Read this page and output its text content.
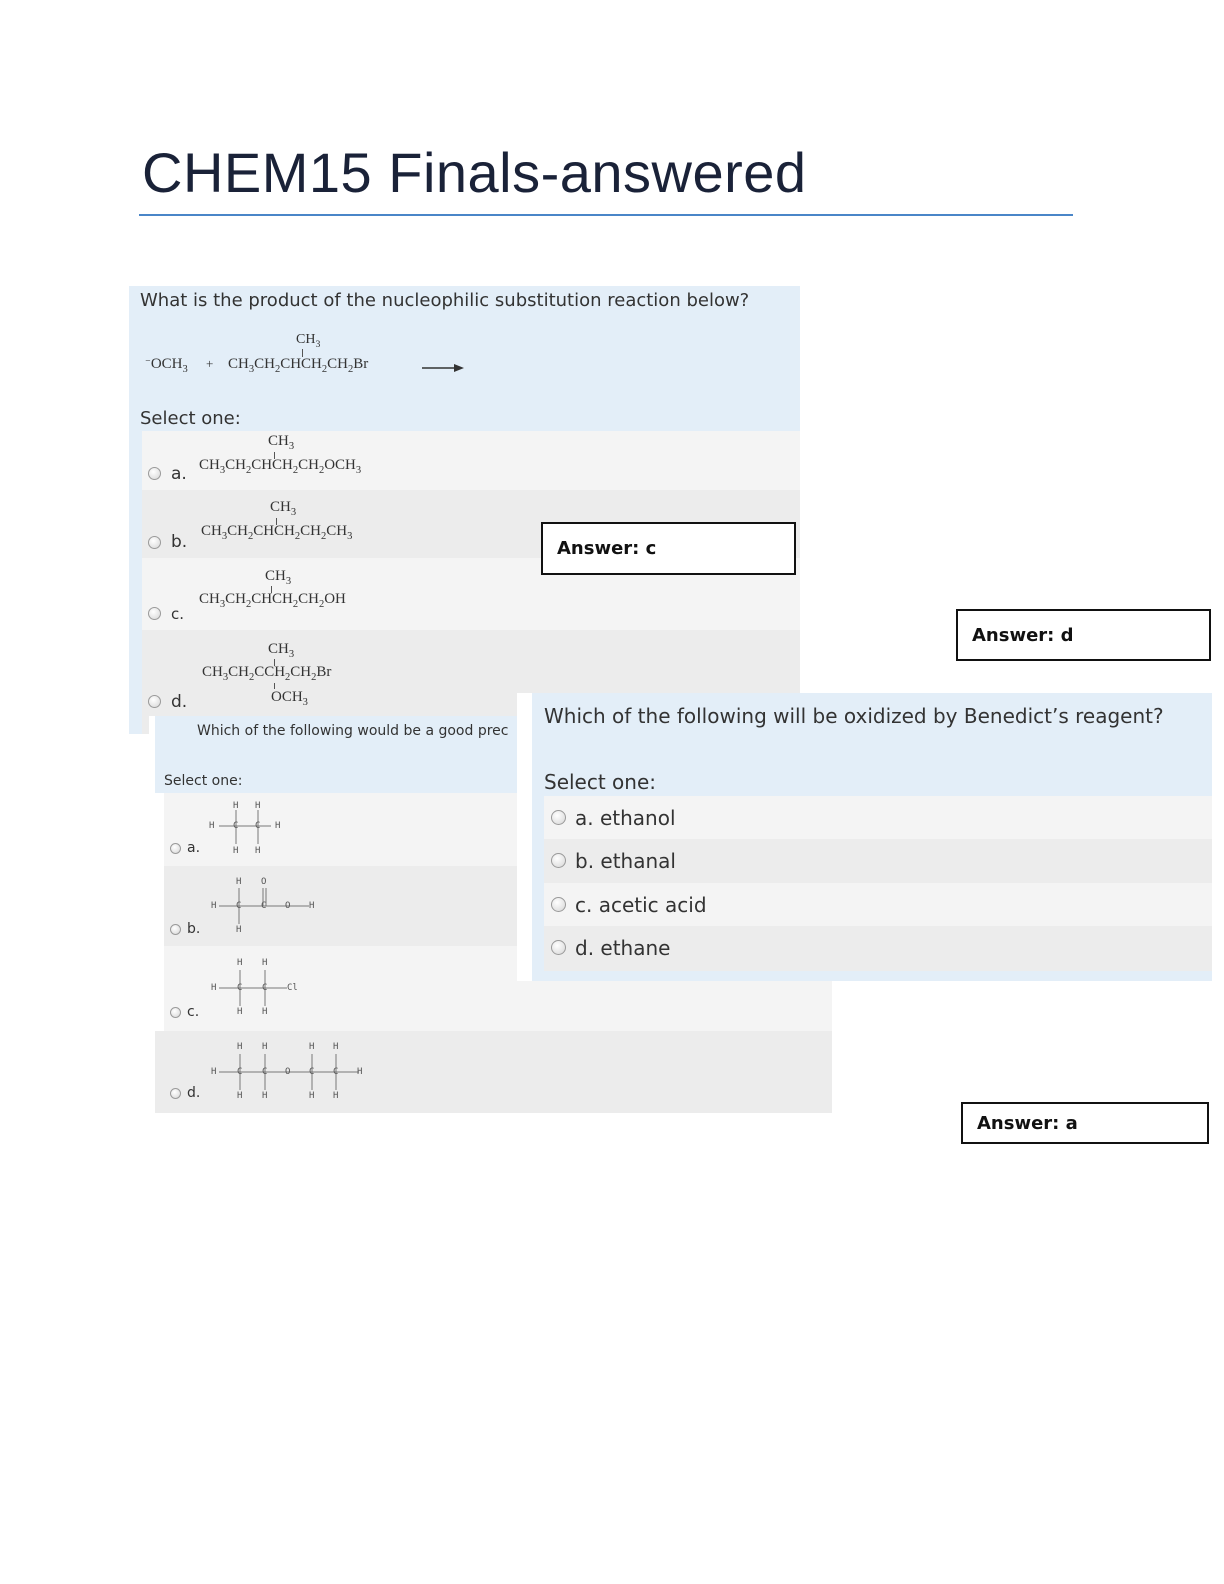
CHEM15 Finals-answered
What is the product of the nucleophilic substitution reaction below?
$^{^-}OCH_3$ +
$CH_3$
$CH_3CH_2CHCH_2CH_2Br$
Select one:
a.
$CH_3$
$CH_3CH_2CHCH_2CH_2OCH_3$
b.
$CH_3$
$CH_3CH_2CHCH_2CH_2CH_3$
c.
$CH_3$
$CH_3CH_2CHCH_2CH_2OH$
d.
$CH_3$
$CH_3CH_2CCH_2CH_2Br$
$OCH_3$
Answer: c
Which of the following would be a good prec
Select one:
a.
b.
c.
d.
H H
H C C H
H H
H O
H C C O H
H
H H
H C C Cl
H H
H H	H H
H C C O C C H
H H	H H
Answer: d
Which of the following will be oxidized by Benedict’s reagent?
Select one:
a. ethanol
b. ethanal
c. acetic acid
d. ethane
Answer: a
